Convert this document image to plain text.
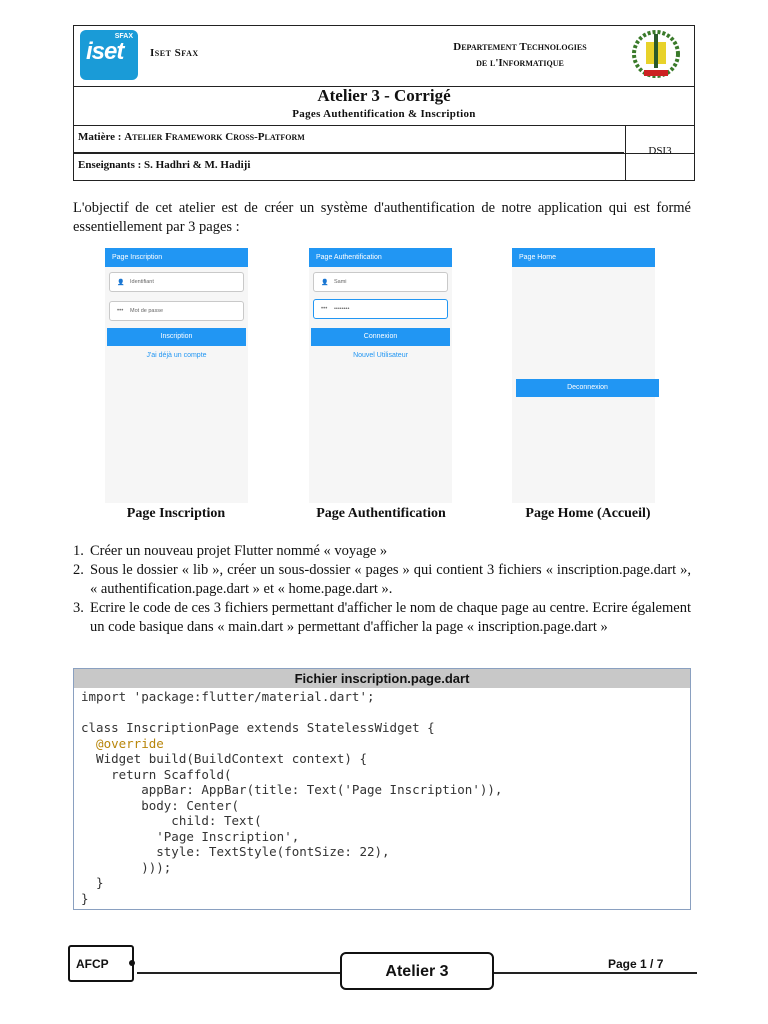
SFAX
iset Iset Sfax	Departement Technologies
de l'Informatique
Atelier 3 - Corrigé
Pages Authentification & Inscription
Matière : Atelier Framework Cross-Platform
Enseignants : S. Hadhri & M. Hadiji
DSI3
L'objectif de cet atelier est de créer un système d'authentification de notre application qui est formé essentiellement par 3 pages :
Page Inscription
👤 Identifiant
••• Mot de passe
Inscription
J'ai déjà un compte
Page Authentification
👤 Sami
••• ••••••••
Connexion
Nouvel Utilisateur
Page Home
Deconnexion
Page Inscription	Page Authentification	Page Home (Accueil)
1. Créer un nouveau projet Flutter nommé « voyage »
2. Sous le dossier « lib », créer un sous-dossier « pages » qui contient 3 fichiers « inscription.page.dart », « authentification.page.dart » et « home.page.dart ».
3. Ecrire le code de ces 3 fichiers permettant d'afficher le nom de chaque page au centre. Ecrire également un code basique dans « main.dart » permettant d'afficher la page « inscription.page.dart »
Fichier inscription.page.dart
import 'package:flutter/material.dart';

class InscriptionPage extends StatelessWidget {
@override
Widget build(BuildContext context) {
return Scaffold(
appBar: AppBar(title: Text('Page Inscription')),
body: Center(
child: Text(
'Page Inscription',
style: TextStyle(fontSize: 22),
)));
}
}
AFCP	Atelier 3	Page 1 / 7
